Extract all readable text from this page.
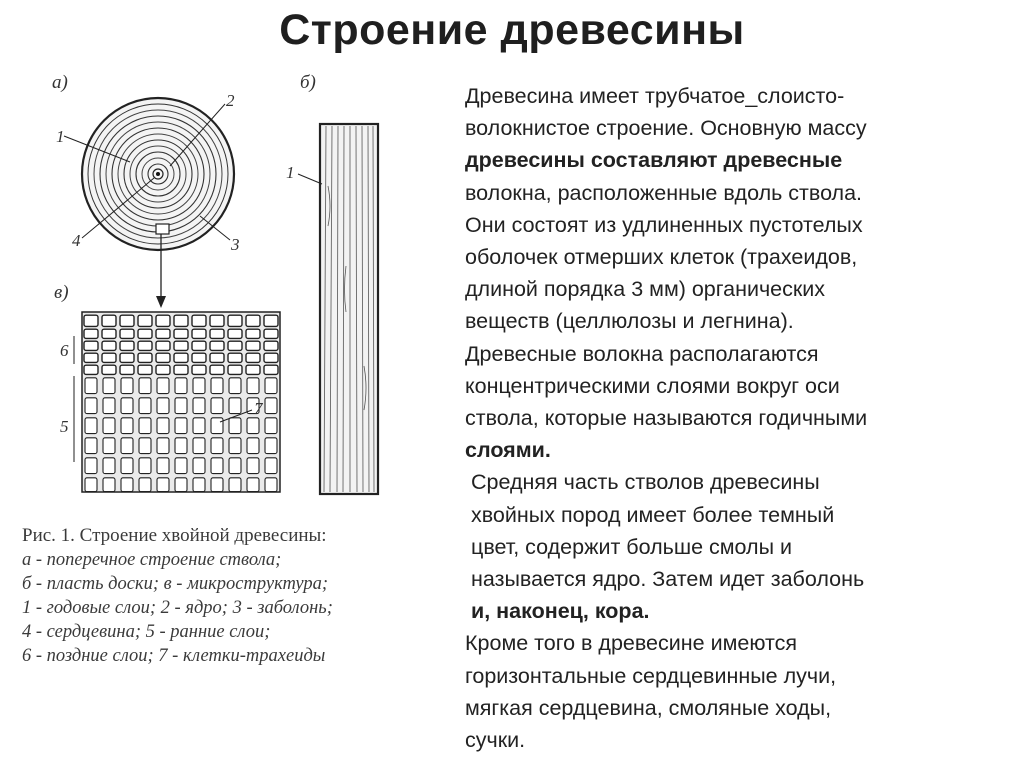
Строение древесины
а)	б)
в)
1
2
3
4
1
6
5
7
Рис. 1. Строение хвойной древесины:
а - поперечное строение ствола;
б - пласть доски; в - микроструктура;
1 - годовые слои; 2 - ядро; 3 - заболонь;
4 - сердцевина; 5 - ранние слои;
6 - поздние слои; 7 - клетки-трахеиды

Древесина имеет трубчатое_слоисто-
волокнистое строение. Основную массу
древесины составляют древесные
волокна, расположенные вдоль ствола.
Они состоят из удлиненных пустотелых
оболочек отмерших клеток (трахеидов,
длиной порядка 3 мм) органических
веществ (целлюлозы и легнина).
Древесные волокна располагаются
концентрическими слоями вокруг оси
ствола, которые называются годичными
слоями.

Средняя часть стволов древесины
хвойных пород имеет более темный
цвет, содержит больше смолы и
называется ядро. Затем идет заболонь
и, наконец, кора.

Кроме того в древесине имеются
горизонтальные сердцевинные лучи,
мягкая сердцевина, смоляные ходы,
сучки.
